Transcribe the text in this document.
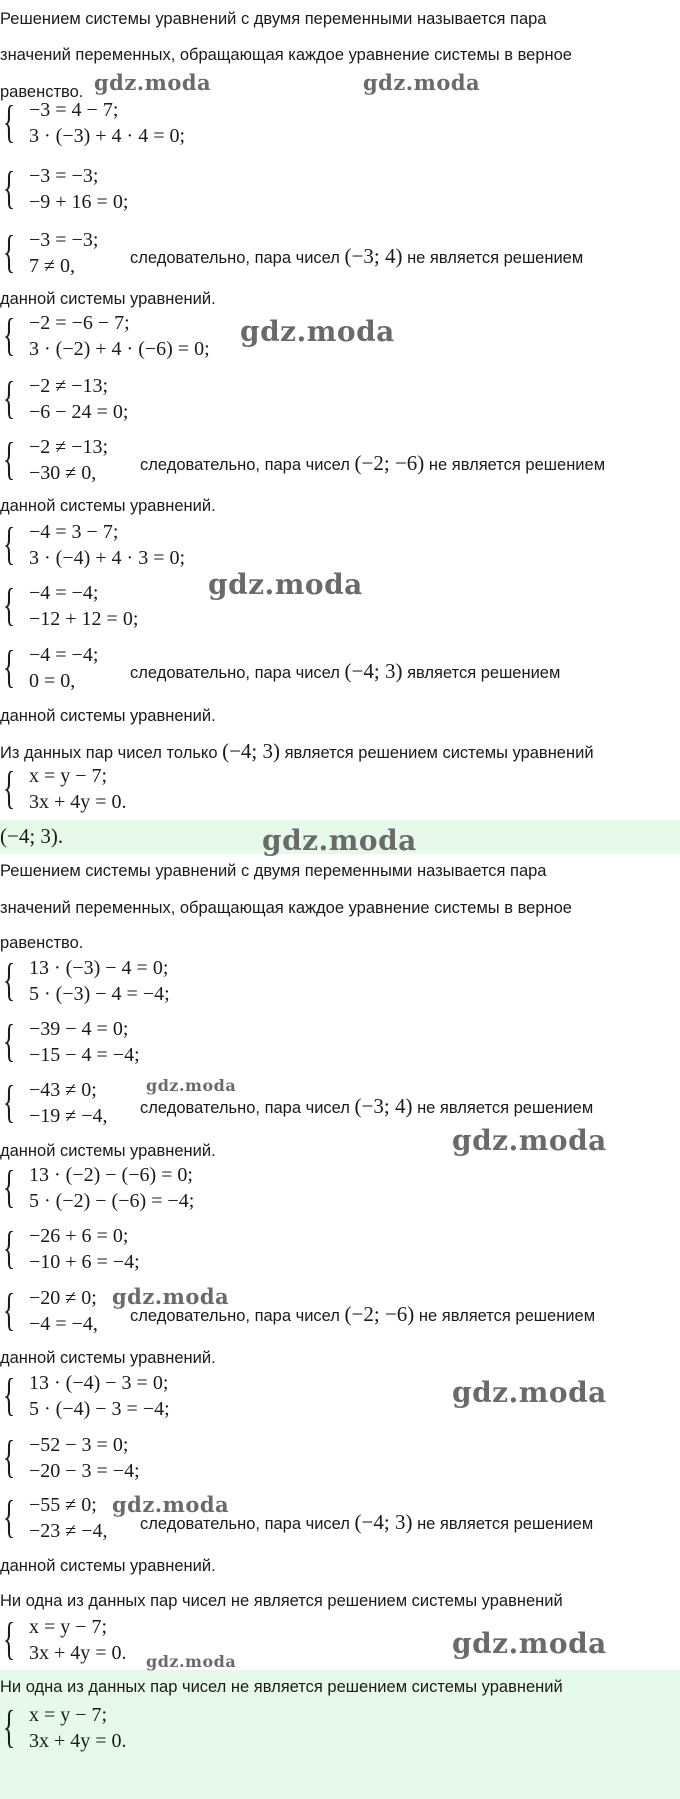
Решением системы уравнений с двумя переменными называется пара
значений переменных, обращающая каждое уравнение системы в верное
равенство.
{ −3 = 4 − 7;
3 · (−3) + 4 · 4 = 0;
{ −3 = −3;
−9 + 16 = 0;
{ −3 = −3;
7 ≠ 0,	следовательно, пара чисел (−3; 4) не является решением
данной системы уравнений.
{ −2 = −6 − 7;
3 · (−2) + 4 · (−6) = 0;
{ −2 ≠ −13;
−6 − 24 = 0;
{ −2 ≠ −13;
−30 ≠ 0,	следовательно, пара чисел (−2; −6) не является решением
данной системы уравнений.
{ −4 = 3 − 7;
3 · (−4) + 4 · 3 = 0;
{ −4 = −4;
−12 + 12 = 0;
{ −4 = −4;
0 = 0,	следовательно, пара чисел (−4; 3) является решением
данной системы уравнений.
Из данных пар чисел только (−4; 3) является решением системы уравнений
{ x = y − 7;
3x + 4y = 0.
(−4; 3).
Решением системы уравнений с двумя переменными называется пара
значений переменных, обращающая каждое уравнение системы в верное
равенство.
{ 13 · (−3) − 4 = 0;
5 · (−3) − 4 = −4;
{ −39 − 4 = 0;
−15 − 4 = −4;
{ −43 ≠ 0;
−19 ≠ −4, следовательно, пара чисел (−3; 4) не является решением
данной системы уравнений.
{ 13 · (−2) − (−6) = 0;
5 · (−2) − (−6) = −4;
{ −26 + 6 = 0;
−10 + 6 = −4;
{ −20 ≠ 0;
−4 = −4, следовательно, пара чисел (−2; −6) не является решением
данной системы уравнений.
{ 13 · (−4) − 3 = 0;
5 · (−4) − 3 = −4;
{ −52 − 3 = 0;
−20 − 3 = −4;
{ −55 ≠ 0;
−23 ≠ −4, следовательно, пара чисел (−4; 3) не является решением
данной системы уравнений.
Ни одна из данных пар чисел не является решением системы уравнений
{ x = y − 7;
3x + 4y = 0.
Ни одна из данных пар чисел не является решением системы уравнений
{ x = y − 7;
3x + 4y = 0.
gdz.moda	gdz.moda
gdz.moda
gdz.moda
gdz.moda
gdz.moda
gdz.moda
gdz.moda
gdz.moda
gdz.moda
gdz.moda
gdz.moda
